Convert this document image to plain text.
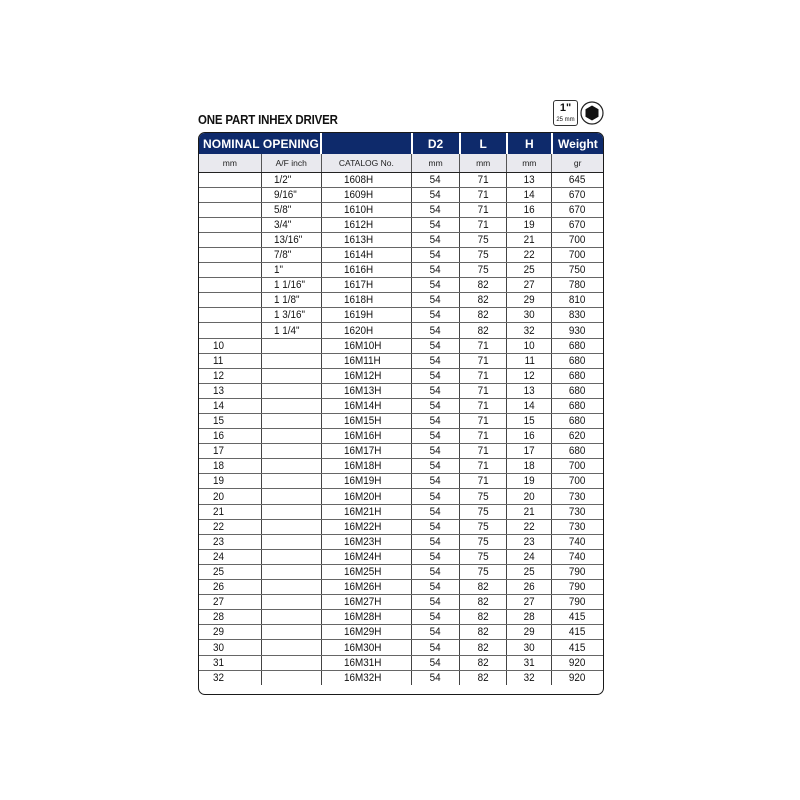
ONE PART INHEX DRIVER
1"
25 mm
NOMINAL OPENING			D2	L	H	Weight
mm	A/F inch	CATALOG No.	mm	mm	mm	gr
	1/2"	1608H	54	71	13	645
	9/16"	1609H	54	71	14	670
	5/8"	1610H	54	71	16	670
	3/4"	1612H	54	71	19	670
	13/16"	1613H	54	75	21	700
	7/8"	1614H	54	75	22	700
	1"	1616H	54	75	25	750
	1 1/16"	1617H	54	82	27	780
	1 1/8"	1618H	54	82	29	810
	1 3/16"	1619H	54	82	30	830
	1 1/4"	1620H	54	82	32	930
10		16M10H	54	71	10	680
11		16M11H	54	71	11	680
12		16M12H	54	71	12	680
13		16M13H	54	71	13	680
14		16M14H	54	71	14	680
15		16M15H	54	71	15	680
16		16M16H	54	71	16	620
17		16M17H	54	71	17	680
18		16M18H	54	71	18	700
19		16M19H	54	71	19	700
20		16M20H	54	75	20	730
21		16M21H	54	75	21	730
22		16M22H	54	75	22	730
23		16M23H	54	75	23	740
24		16M24H	54	75	24	740
25		16M25H	54	75	25	790
26		16M26H	54	82	26	790
27		16M27H	54	82	27	790
28		16M28H	54	82	28	415
29		16M29H	54	82	29	415
30		16M30H	54	82	30	415
31		16M31H	54	82	31	920
32		16M32H	54	82	32	920
